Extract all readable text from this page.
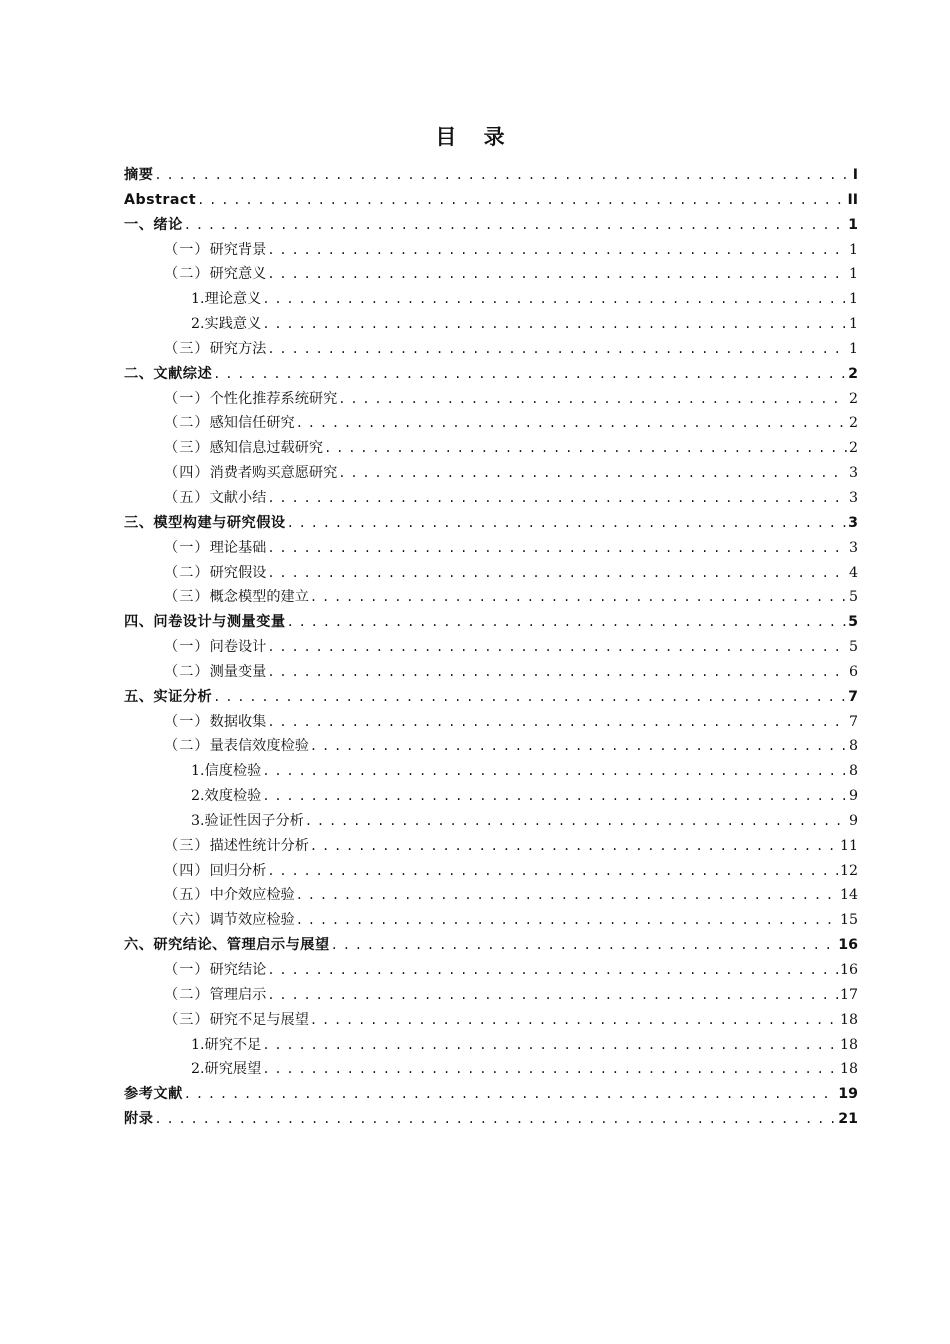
目 录
摘要 . . .	I
Abstract . . .	II
一、绪论 . . .	1
（一） 研究背景 . . .	1
（二） 研究意义 . . .	1
1. 理论意义 . . .	1
2. 实践意义 . . .	1
（三） 研究方法 . . .	1
二、文献综述 . . .	2
（一） 个性化推荐系统研究 . . .	2
（二） 感知信任研究 . . .	2
（三） 感知信息过载研究 . . .	2
（四） 消费者购买意愿研究 . . .	3
（五） 文献小结 . . .	3
三、模型构建与研究假设 . . .	3
（一） 理论基础 . . .	3
（二） 研究假设 . . .	4
（三） 概念模型的建立 . . .	5
四、问卷设计与测量变量 . . .	5
（一） 问卷设计 . . .	5
（二） 测量变量 . . .	6
五、实证分析 . . .	7
（一） 数据收集 . . .	7
（二） 量表信效度检验 . . .	8
1. 信度检验 . . .	8
2. 效度检验 . . .	9
3. 验证性因子分析 . . .	9
（三） 描述性统计分析 . . .	11
（四） 回归分析 . . .	12
（五） 中介效应检验 . . .	14
（六） 调节效应检验 . . .	15
六、研究结论、管理启示与展望 . . .	16
（一） 研究结论 . . .	16
（二） 管理启示 . . .	17
（三） 研究不足与展望 . . .	18
1. 研究不足 . . .	18
2. 研究展望 . . .	18
参考文献 . . .	19
附录 . . .	21
